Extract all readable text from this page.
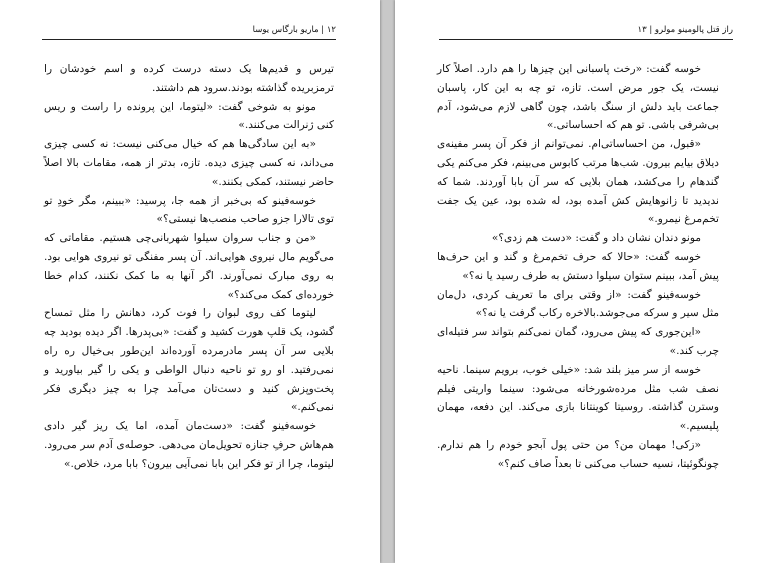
۱۲ | ماریو بارگاس یوسا

تیرس و قدیم‌ها یک دسته درست کرده و اسم خودشان را ترمزبریده گذاشته بودند.سرود هم داشتند.

مونو به شوخی گفت: «لیتوما، این پرونده را راست و ریس کنی ژنرالت می‌کنند.»

«به این سادگی‌ها هم که خیال می‌کنی نیست: نه کسی چیزی می‌داند، نه کسی چیزی دیده. تازه، بدتر از همه، مقامات بالا اصلاً حاضر نیستند، کمکی بکنند.»

خوسه‌فینو که بی‌خبر از همه جا، پرسید: «ببینم، مگر خودِ تو توی تالارا جزو صاحب منصب‌ها نیستی؟»

«من و جناب سروان سیلوا شهربانی‌چی هستیم. مقاماتی که می‌گویم مال نیروی هوایی‌اند. آن پسر مفنگی تو نیروی هوایی بود. به روی مبارک نمی‌آورند. اگر آنها به ما کمک نکنند، کدام خطا خورده‌ای کمک می‌کند؟»

لیتوما کف روی لبوان را فوت کرد، دهانش را مثل تمساح گشود، یک قلپ هورت کشید و گفت: «بی‌پدرها. اگر دیده بودید چه بلایی سر آن پسر مادرمرده آورده‌اند این‌طور بی‌خیال ره راه نمی‌رفتید. او رو تو ناحیه دنبال الواطی و یکی را گیر بیاورید و پخت‌وپزش کنید و دست‌تان می‌آمد چرا به چیز دیگری فکر نمی‌کنم.»

خوسه‌فینو گفت: «دست‌مان آمده، اما یک ریز گیر دادی هم‌هاش حرفِ جنازه تحویل‌مان می‌دهی. حوصله‌ی آدم سر می‌رود. لیتوما، چرا از تو فکر این بابا نمی‌آیی بیرون؟ بابا مرد، خلاص.»

راز قتل پالومینو مولرو | ۱۳

خوسه گفت: «رخت پاسبانی این چیزها را هم دارد. اصلاً کار نیست، یک جور مرض است. تازه، تو چه به این کار، پاسبان جماعت باید دلش از سنگ باشد، چون گاهی لازم می‌شود، آدم بی‌شرفی باشی. تو هم که احساساتی.»

«قبول، من احساساتی‌ام. نمی‌توانم از فکر آن پسر مفینه‌ی دیلاق بیایم بیرون. شب‌ها مرتب کابوس می‌بینم، فکر می‌کنم یکی گندهام را می‌کشد، همان بلایی که سر آن بابا آوردند. شما که ندیدید تا زانوهایش کش آمده بود، له شده بود، عین یک جفت تخم‌مرغ نیمرو.»

مونو دندان نشان داد و گفت: «دست هم زدی؟»

خوسه گفت: «حالا که حرف تخم‌مرغ و گند و این حرف‌ها پیش آمد، ببینم ستوان سیلوا دستش به طرف رسید یا نه؟»

خوسه‌فینو گفت: «از وقتی برای ما تعریف کردی، دل‌مان مثل سیر و سرکه می‌جوشد.بالاخره رکاب گرفت یا نه؟»

«این‌جوری که پیش می‌رود، گمان نمی‌کنم بتواند سر فتیله‌ای چرب کند.»

خوسه از سر میز بلند شد: «خیلی خوب، برویم سینما. ناحیه نصف شب مثل مرده‌شورخانه می‌شود: سینما واریتی فیلم وسترن گذاشته. روسیتا کوینتانا بازی می‌کند. این دفعه، مهمان پلیسیم.»

«زکی! مهمان من؟ من حتی پول آبجو خودم را هم ندارم. چونگوئیتا، نسیه حساب می‌کنی تا بعداً صاف کنم؟»
